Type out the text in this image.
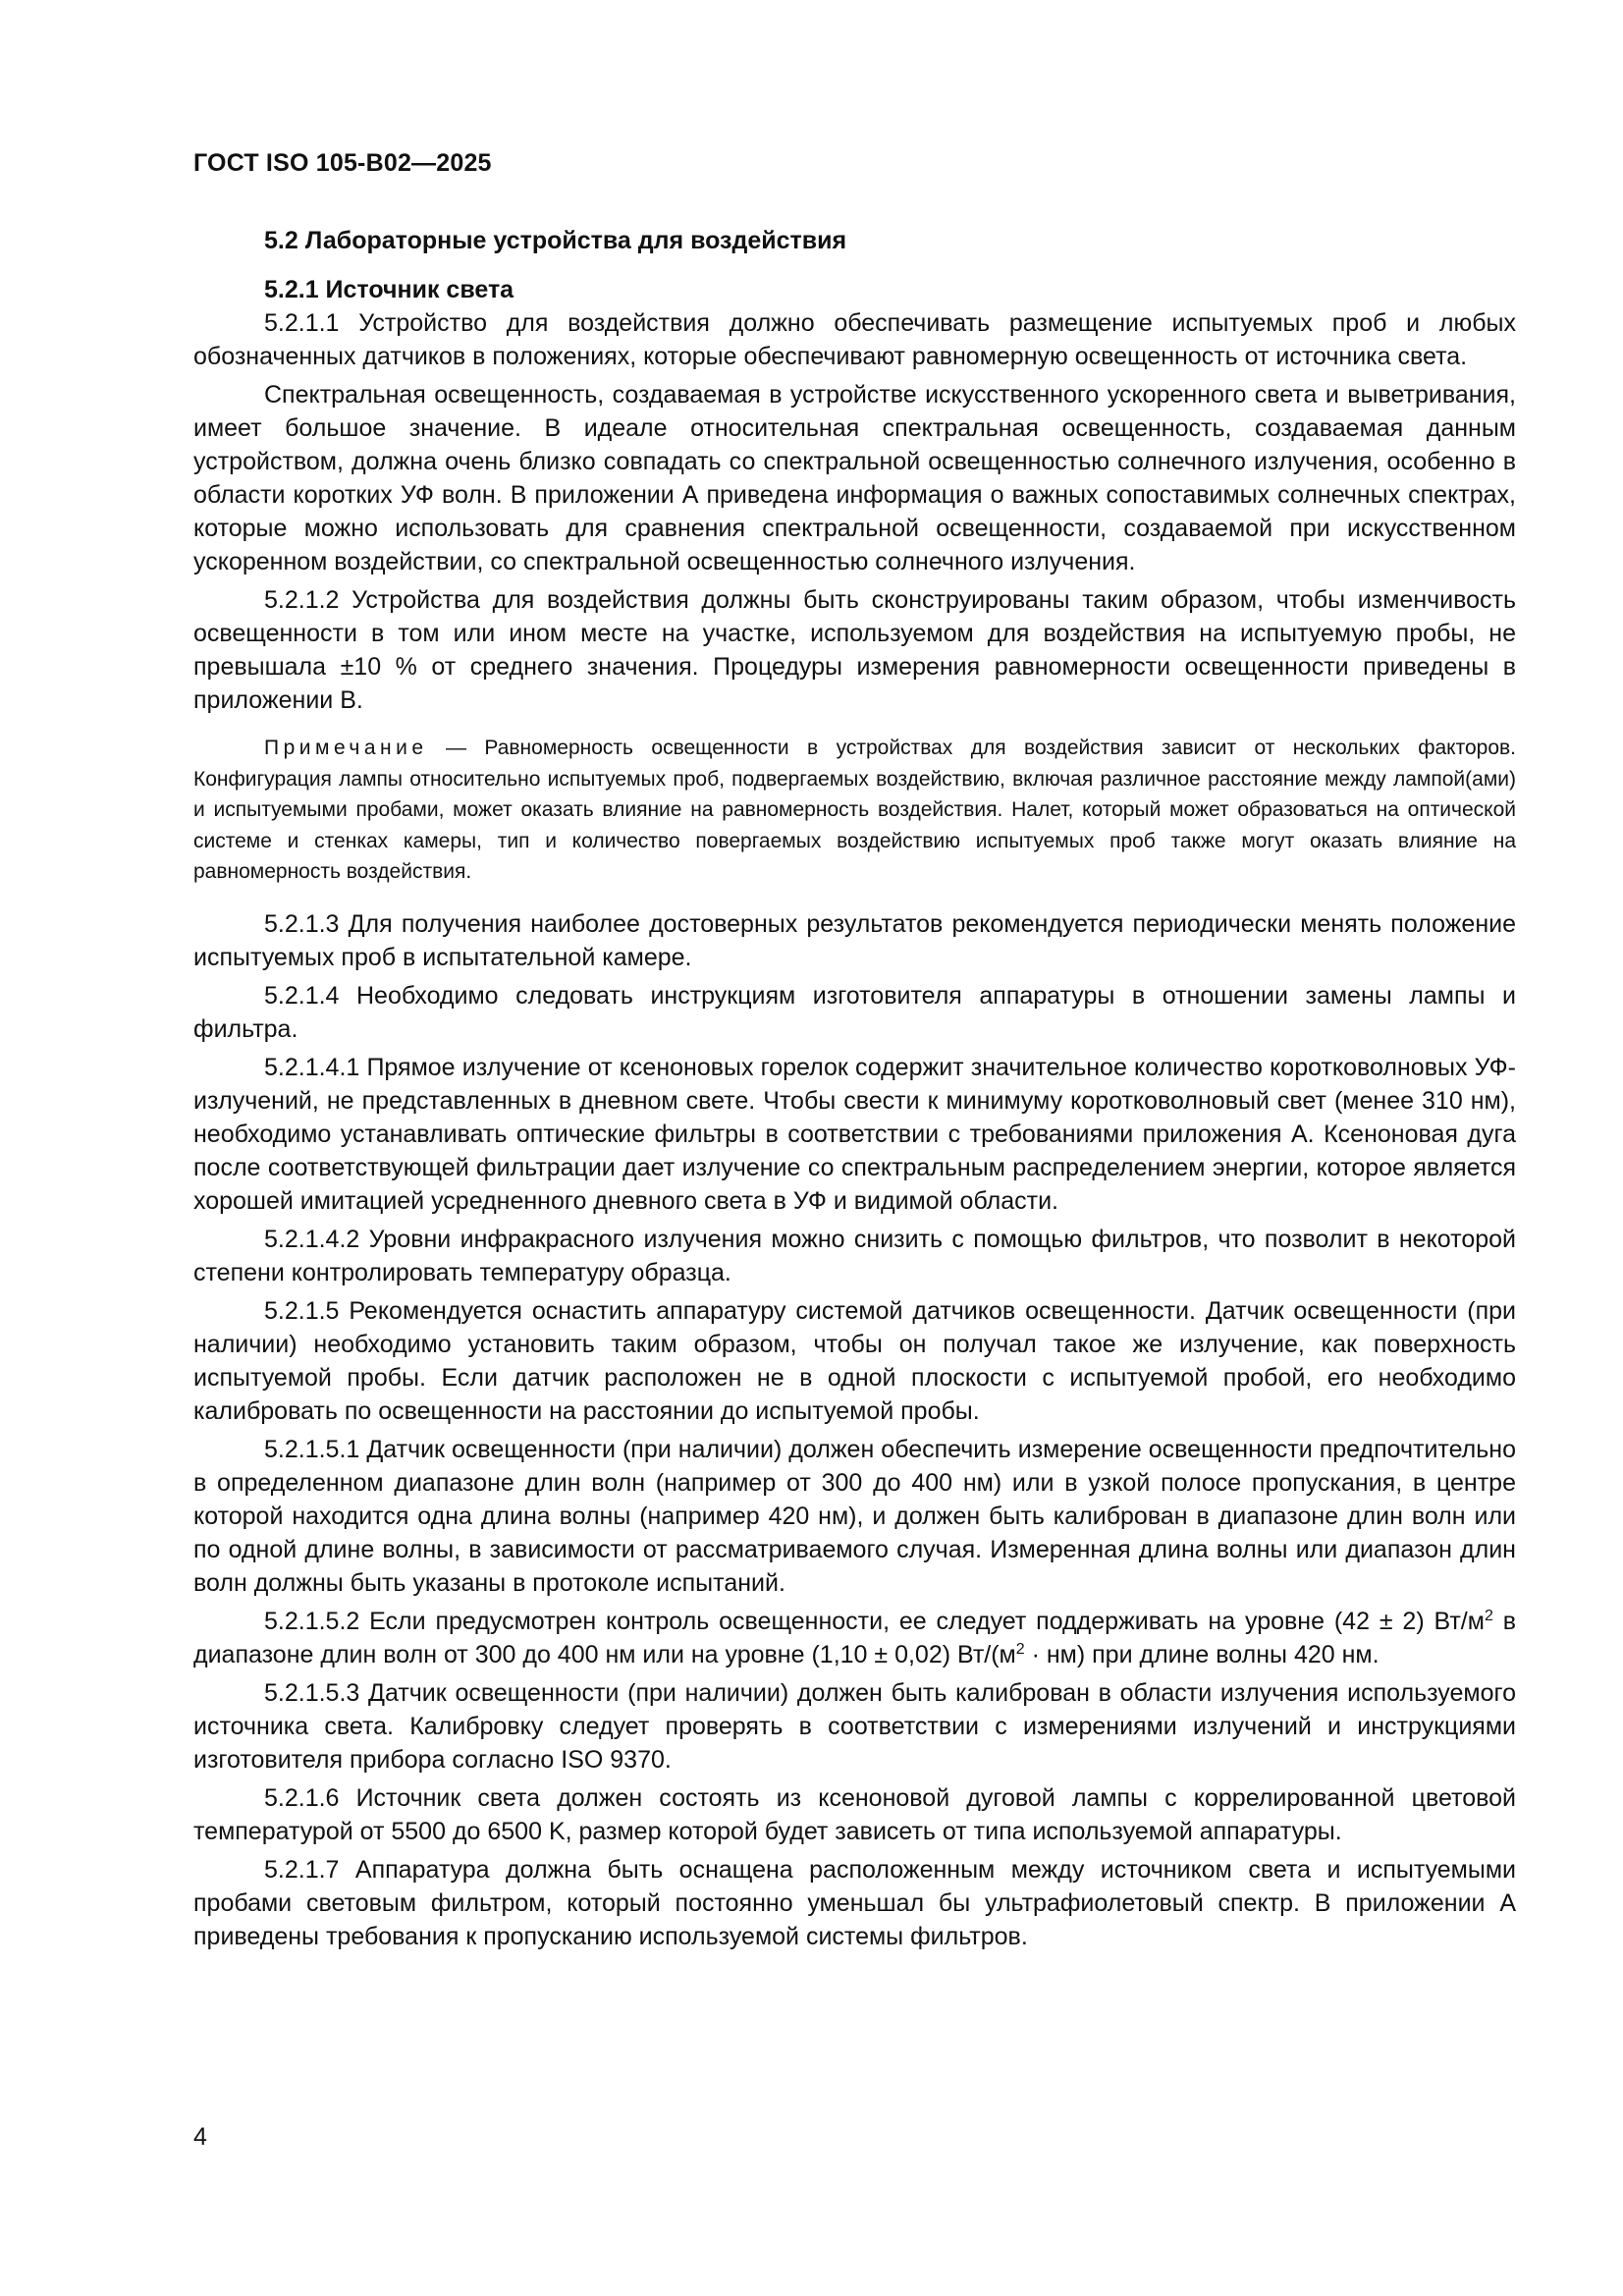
ГОСТ ISO 105-B02—2025
5.2 Лабораторные устройства для воздействия
5.2.1 Источник света

5.2.1.1 Устройство для воздействия должно обеспечивать размещение испытуемых проб и любых обозначенных датчиков в положениях, которые обеспечивают равномерную освещенность от источника света.

Спектральная освещенность, создаваемая в устройстве искусственного ускоренного света и выветривания, имеет большое значение. В идеале относительная спектральная освещенность, создаваемая данным устройством, должна очень близко совпадать со спектральной освещенностью солнечного излучения, особенно в области коротких УФ волн. В приложении А приведена информация о важных сопоставимых солнечных спектрах, которые можно использовать для сравнения спектральной освещенности, создаваемой при искусственном ускоренном воздействии, со спектральной освещенностью солнечного излучения.

5.2.1.2 Устройства для воздействия должны быть сконструированы таким образом, чтобы изменчивость освещенности в том или ином месте на участке, используемом для воздействия на испытуемую пробы, не превышала ±10 % от среднего значения. Процедуры измерения равномерности освещенности приведены в приложении В.

Примечание — Равномерность освещенности в устройствах для воздействия зависит от нескольких факторов. Конфигурация лампы относительно испытуемых проб, подвергаемых воздействию, включая различное расстояние между лампой(ами) и испытуемыми пробами, может оказать влияние на равномерность воздействия. Налет, который может образоваться на оптической системе и стенках камеры, тип и количество повергаемых воздействию испытуемых проб также могут оказать влияние на равномерность воздействия.

5.2.1.3 Для получения наиболее достоверных результатов рекомендуется периодически менять положение испытуемых проб в испытательной камере.

5.2.1.4 Необходимо следовать инструкциям изготовителя аппаратуры в отношении замены лампы и фильтра.

5.2.1.4.1 Прямое излучение от ксеноновых горелок содержит значительное количество коротковолновых УФ-излучений, не представленных в дневном свете. Чтобы свести к минимуму коротковолновый свет (менее 310 нм), необходимо устанавливать оптические фильтры в соответствии с требованиями приложения А. Ксеноновая дуга после соответствующей фильтрации дает излучение со спектральным распределением энергии, которое является хорошей имитацией усредненного дневного света в УФ и видимой области.

5.2.1.4.2 Уровни инфракрасного излучения можно снизить с помощью фильтров, что позволит в некоторой степени контролировать температуру образца.

5.2.1.5 Рекомендуется оснастить аппаратуру системой датчиков освещенности. Датчик освещенности (при наличии) необходимо установить таким образом, чтобы он получал такое же излучение, как поверхность испытуемой пробы. Если датчик расположен не в одной плоскости с испытуемой пробой, его необходимо калибровать по освещенности на расстоянии до испытуемой пробы.

5.2.1.5.1 Датчик освещенности (при наличии) должен обеспечить измерение освещенности предпочтительно в определенном диапазоне длин волн (например от 300 до 400 нм) или в узкой полосе пропускания, в центре которой находится одна длина волны (например 420 нм), и должен быть калиброван в диапазоне длин волн или по одной длине волны, в зависимости от рассматриваемого случая. Измеренная длина волны или диапазон длин волн должны быть указаны в протоколе испытаний.

5.2.1.5.2 Если предусмотрен контроль освещенности, ее следует поддерживать на уровне (42 ± 2) $Вт/м^2$ в диапазоне длин волн от 300 до 400 нм или на уровне (1,10 ± 0,02) $Вт/(м^2 \cdot нм)$ при длине волны 420 нм.

5.2.1.5.3 Датчик освещенности (при наличии) должен быть калиброван в области излучения используемого источника света. Калибровку следует проверять в соответствии с измерениями излучений и инструкциями изготовителя прибора согласно ISO 9370.

5.2.1.6 Источник света должен состоять из ксеноновой дуговой лампы с коррелированной цветовой температурой от 5500 до 6500 K, размер которой будет зависеть от типа используемой аппаратуры.

5.2.1.7 Аппаратура должна быть оснащена расположенным между источником света и испытуемыми пробами световым фильтром, который постоянно уменьшал бы ультрафиолетовый спектр. В приложении А приведены требования к пропусканию используемой системы фильтров.

4
